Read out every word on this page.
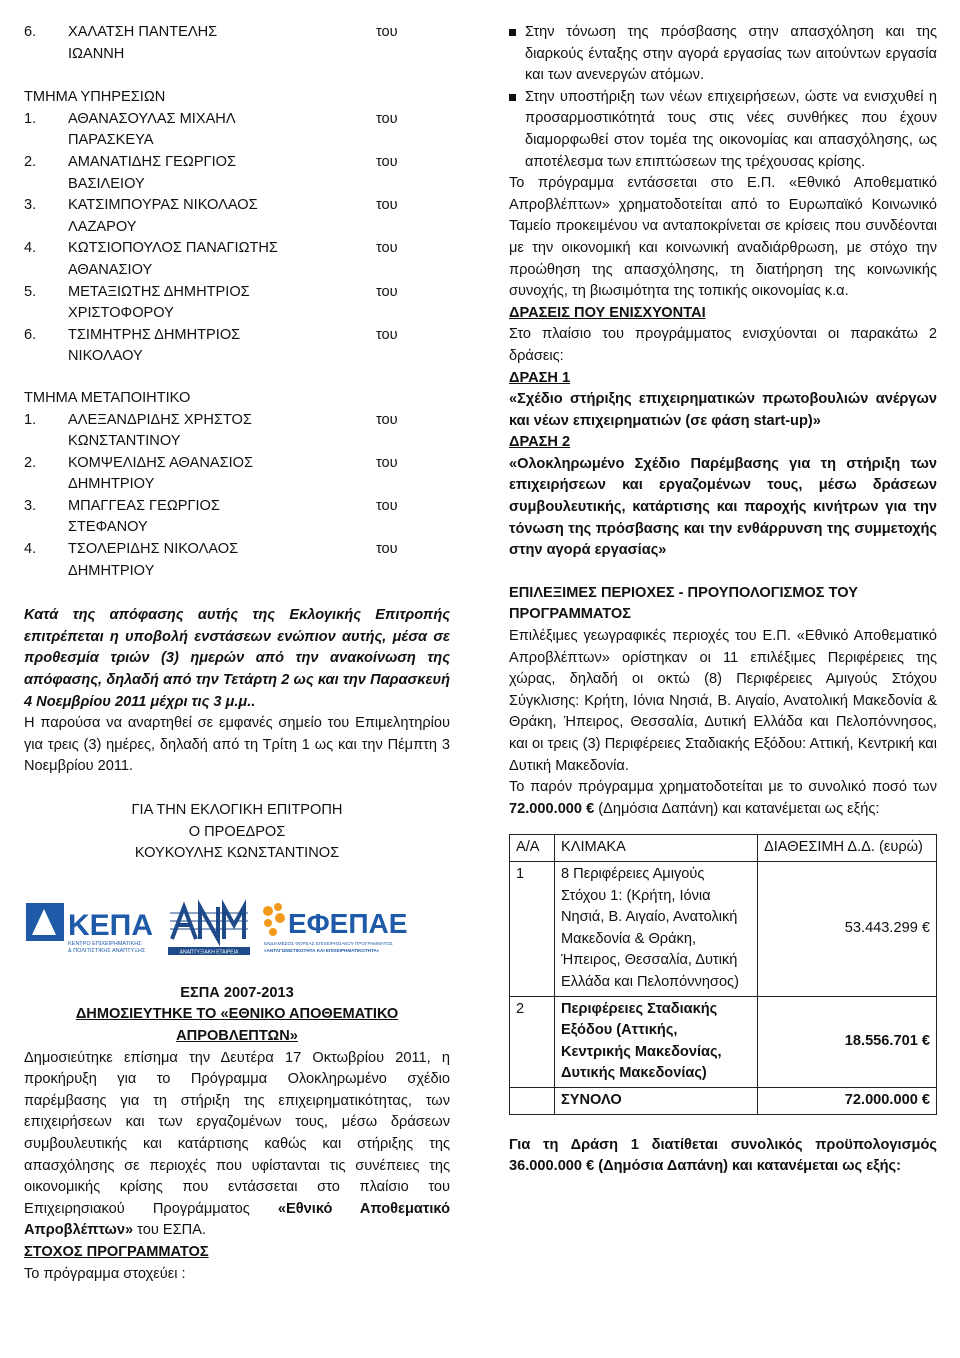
6.	ΧΑΛΑΤΣΗ ΠΑΝΤΕΛΗΣ	του
ΙΩΑΝΝΗ

ΤΜΗΜΑ ΥΠΗΡΕΣΙΩΝ

1.	ΑΘΑΝΑΣΟΥΛΑΣ ΜΙΧΑΗΛ	του
ΠΑΡΑΣΚΕΥΑ
2.	ΑΜΑΝΑΤΙΔΗΣ ΓΕΩΡΓΙΟΣ	του
ΒΑΣΙΛΕΙΟΥ
3.	ΚΑΤΣΙΜΠΟΥΡΑΣ ΝΙΚΟΛΑΟΣ	του
ΛΑΖΑΡΟΥ
4.	ΚΩΤΣΙΟΠΟΥΛΟΣ ΠΑΝΑΓΙΩΤΗΣ	του
ΑΘΑΝΑΣΙΟΥ
5.	ΜΕΤΑΞΙΩΤΗΣ ΔΗΜΗΤΡΙΟΣ	του
ΧΡΙΣΤΟΦΟΡΟΥ
6.	ΤΣΙΜΗΤΡΗΣ ΔΗΜΗΤΡΙΟΣ	του
ΝΙΚΟΛΑΟΥ

ΤΜΗΜΑ ΜΕΤΑΠΟΙΗΤΙΚΟ

1.	ΑΛΕΞΑΝΔΡΙΔΗΣ ΧΡΗΣΤΟΣ	του
ΚΩΝΣΤΑΝΤΙΝΟΥ
2.	ΚΟΜΨΕΛΙΔΗΣ ΑΘΑΝΑΣΙΟΣ	του
ΔΗΜΗΤΡΙΟΥ
3.	ΜΠΑΓΓΕΑΣ ΓΕΩΡΓΙΟΣ	του
ΣΤΕΦΑΝΟΥ
4.	ΤΣΟΛΕΡΙΔΗΣ ΝΙΚΟΛΑΟΣ	του
ΔΗΜΗΤΡΙΟΥ

Κατά της απόφασης αυτής της Εκλογικής Επιτροπής επιτρέπεται η υποβολή ενστάσεων ενώπιον αυτής, μέσα σε προθεσμία τριών (3) ημερών από την ανακοίνωση της απόφασης, δηλαδή από την Τετάρτη 2 ως και την Παρασκευή 4 Νοεμβρίου 2011 μέχρι τις 3 μ.μ..

Η παρούσα να αναρτηθεί σε εμφανές σημείο του Επιμελητηρίου για τρεις (3) ημέρες, δηλαδή από τη Τρίτη 1 ως και την Πέμπτη 3 Νοεμβρίου 2011.

ΓΙΑ ΤΗΝ ΕΚΛΟΓΙΚΗ ΕΠΙΤΡΟΠΗ

Ο ΠΡΟΕΔΡΟΣ

ΚΟΥΚΟΥΛΗΣ ΚΩΝΣΤΑΝΤΙΝΟΣ

ΚΕΠΑ
ΚΕΝΤΡΟ ΕΠΙΧΕΙΡΗΜΑΤΙΚΗΣ
& ΠΟΛΙΤΙΣΤΙΚΗΣ ΑΝΑΠΤΥΞΗΣ	ΑΝΑΠΤΥΞΙΑΚΗ ΕΤΑΙΡΕΙΑ
ΕΦΕΠΑΕ
ΕΝΔΙΑΜΕΣΟΣ ΦΟΡΕΑΣ ΕΠΙΧΕΙΡΗΣΙΑΚΟΥ ΠΡΟΓΡΑΜΜΑΤΟΣ
«ΑΝΤΑΓΩΝΙΣΤΙΚΟΤΗΤΑ ΚΑΙ ΕΠΙΧΕΙΡΗΜΑΤΙΚΟΤΗΤΑ»

ΕΣΠΑ 2007-2013

ΔΗΜΟΣΙΕΥΤΗΚΕ ΤΟ «ΕΘΝΙΚΟ ΑΠΟΘΕΜΑΤΙΚΟ ΑΠΡΟΒΛΕΠΤΩΝ»

Δημοσιεύτηκε επίσημα την Δευτέρα 17 Οκτωβρίου 2011, η προκήρυξη για το Πρόγραμμα Ολοκληρωμένο σχέδιο παρέμβασης για τη στήριξη της επιχειρηματικότητας, των επιχειρήσεων και των εργαζομένων τους, μέσω δράσεων συμβουλευτικής και κατάρτισης καθώς και στήριξης της απασχόλησης σε περιοχές που υφίστανται τις συνέπειες της οικονομικής κρίσης που εντάσσεται στο πλαίσιο του Επιχειρησιακού Προγράμματος «Εθνικό Αποθεματικό Απροβλέπτων» του ΕΣΠΑ.

ΣΤΟΧΟΣ ΠΡΟΓΡΑΜΜΑΤΟΣ

Το πρόγραμμα στοχεύει :

Στην τόνωση της πρόσβασης στην απασχόληση και της διαρκούς ένταξης στην αγορά εργασίας των αιτούντων εργασία και των ανενεργών ατόμων.
Στην υποστήριξη των νέων επιχειρήσεων, ώστε να ενισχυθεί η προσαρμοστικότητά τους στις νέες συνθήκες που έχουν διαμορφωθεί στον τομέα της οικονομίας και απασχόλησης, ως αποτέλεσμα των επιπτώσεων της τρέχουσας κρίσης.

Το πρόγραμμα εντάσσεται στο Ε.Π. «Εθνικό Αποθεματικό Απροβλέπτων» χρηματοδοτείται από το Ευρωπαϊκό Κοινωνικό Ταμείο προκειμένου να ανταποκρίνεται σε κρίσεις που συνδέονται με την οικονομική και κοινωνική αναδιάρθρωση, με στόχο την προώθηση της απασχόλησης, τη διατήρηση της κοινωνικής συνοχής, τη βιωσιμότητα της τοπικής οικονομίας κ.α.

ΔΡΑΣΕΙΣ ΠΟΥ ΕΝΙΣΧΥΟΝΤΑΙ

Στο πλαίσιο του προγράμματος ενισχύονται οι παρακάτω 2 δράσεις:

ΔΡΑΣΗ 1

«Σχέδιο στήριξης επιχειρηματικών πρωτοβουλιών ανέργων και νέων επιχειρηματιών (σε φάση start-up)»

ΔΡΑΣΗ 2

«Ολοκληρωμένο Σχέδιο Παρέμβασης για τη στήριξη των επιχειρήσεων και εργαζομένων τους, μέσω δράσεων συμβουλευτικής, κατάρτισης και παροχής κινήτρων για την τόνωση της πρόσβασης και την ενθάρρυνση της συμμετοχής στην αγορά εργασίας»

ΕΠΙΛΕΞΙΜΕΣ ΠΕΡΙΟΧΕΣ - ΠΡΟΥΠΟΛΟΓΙΣΜΟΣ ΤΟΥ ΠΡΟΓΡΑΜΜΑΤΟΣ

Επιλέξιμες γεωγραφικές περιοχές του Ε.Π. «Εθνικό Αποθεματικό Απροβλέπτων» ορίστηκαν οι 11 επιλέξιμες Περιφέρειες της χώρας, δηλαδή οι οκτώ (8) Περιφέρειες Αμιγούς Στόχου Σύγκλισης: Κρήτη, Ιόνια Νησιά, Β. Αιγαίο, Ανατολική Μακεδονία & Θράκη, Ήπειρος, Θεσσαλία, Δυτική Ελλάδα και Πελοπόννησος, και οι τρεις (3) Περιφέρειες Σταδιακής Εξόδου: Αττική, Κεντρική και Δυτική Μακεδονία.

Το παρόν πρόγραμμα χρηματοδοτείται με το συνολικό ποσό των 72.000.000 € (Δημόσια Δαπάνη) και κατανέμεται ως εξής:

Α/Α	ΚΛΙΜΑΚΑ	ΔΙΑΘΕΣΙΜΗ Δ.Δ. (ευρώ)
1	8 Περιφέρειες Αμιγούς Στόχου 1: (Κρήτη, Ιόνια Νησιά, Β. Αιγαίο, Ανατολική Μακεδονία & Θράκη, Ήπειρος, Θεσσαλία, Δυτική Ελλάδα και Πελοπόννησος)	53.443.299 €
2	Περιφέρειες Σταδιακής Εξόδου (Αττικής, Κεντρικής Μακεδονίας, Δυτικής Μακεδονίας)	18.556.701 €
	ΣΥΝΟΛΟ	72.000.000 €

Για τη Δράση 1 διατίθεται συνολικός προϋπολογισμός 36.000.000 € (Δημόσια Δαπάνη) και κατανέμεται ως εξής:
